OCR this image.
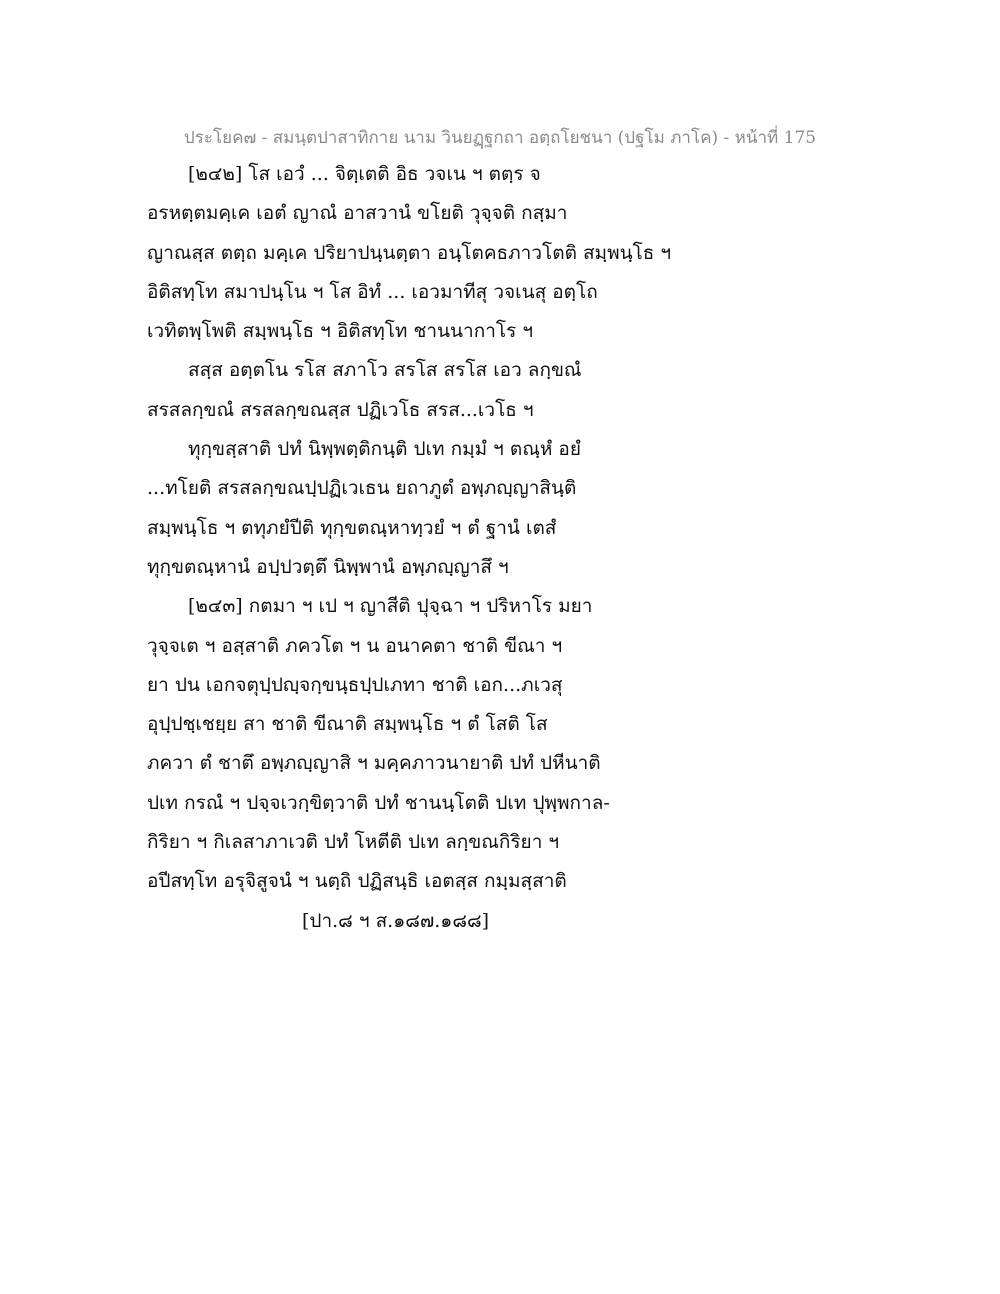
ประโยค๗ - สมนฺตปาสาทิกาย นาม วินยฏฺฐกถา อตฺถโยชนา (ปฐโม ภาโค) - หน้าที่ 175
[๒๔๒] โส เอวํ ... จิตฺเตติ อิธ วจเน ฯ ตตฺร จ
อรหตฺตมคฺเค เอตํ ญาณํ อาสวานํ ขโยติ วุจฺจติ กสฺมา
ญาณสฺส ตตฺถ มคฺเค ปริยาปนฺนตฺตา อนฺโตคธภาวโตติ สมฺพนฺโธ ฯ
อิติสทฺโท สมาปนฺโน ฯ โส อิทํ ... เอวมาทีสุ วจเนสุ อตฺโถ
เวทิตพฺโพติ สมฺพนฺโธ ฯ อิติสทฺโท ชานนากาโร ฯ
สสฺส อตฺตโน รโส สภาโว สรโส สรโส เอว ลกฺขณํ
สรสลกฺขณํ สรสลกฺขณสฺส ปฏิเวโธ สรส...เวโธ ฯ
ทุกฺขสฺสาติ ปทํ นิพฺพตฺติกนฺติ ปเท กมฺมํ ฯ ตณฺหํ อยํ
...ทโยติ สรสลกฺขณปฺปฏิเวเธน ยถาภูตํ อพฺภญฺญาสินฺติ
สมฺพนฺโธ ฯ ตทุภยํปีติ ทุกฺขตณฺหาทฺวยํ ฯ ตํ ฐานํ เตสํ
ทุกฺขตณฺหานํ อปฺปวตฺตึ นิพฺพานํ อพฺภญฺญาสึ ฯ
[๒๔๓] กตมา ฯ เป ฯ ญาสีติ ปุจฺฉา ฯ ปริหาโร มยา
วุจฺจเต ฯ อสฺสาติ ภควโต ฯ น อนาคตา ชาติ ขีณา ฯ
ยา ปน เอกจตุปฺปญฺจกฺขนฺธปฺปเภทา ชาติ เอก...ภเวสุ
อุปฺปชฺเชยฺย สา ชาติ ขีณาติ สมฺพนฺโธ ฯ ตํ โสติ โส
ภควา ตํ ชาตึ อพฺภญฺญาสิ ฯ มคฺคภาวนายาติ ปทํ ปหีนาติ
ปเท กรณํ ฯ ปจฺจเวกฺขิตฺวาติ ปทํ ชานนฺโตติ ปเท ปุพฺพกาล-
กิริยา ฯ กิเลสาภาเวติ ปทํ โหตีติ ปเท ลกฺขณกิริยา ฯ
อปีสทฺโท อรุจิสูจนํ ฯ นตฺถิ ปฏิสนฺธิ เอตสฺส กมฺมสฺสาติ
[ปา.๘ ฯ ส.๑๘๗.๑๘๘]
